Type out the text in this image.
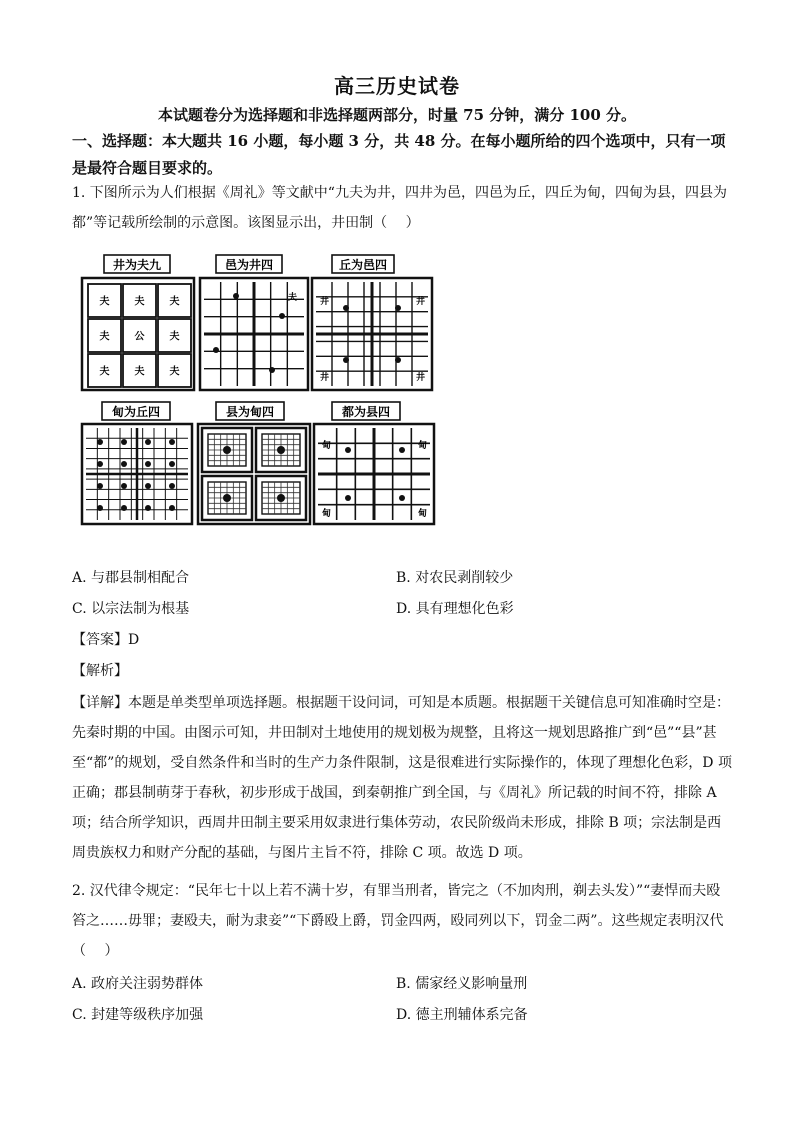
高三历史试卷
本试题卷分为选择题和非选择题两部分，时量 75 分钟，满分 100 分。
一、选择题：本大题共 16 小题，每小题 3 分，共 48 分。在每小题所给的四个选项中，只有一项是最符合题目要求的。
1. 下图所示为人们根据《周礼》等文献中“九夫为井，四井为邑，四邑为丘，四丘为甸，四甸为县，四县为都”等记载所绘制的示意图。该图显示出，井田制（　 ）
井为夫九
夫	夫	夫
夫	公	夫
夫	夫	夫
邑为井四
夫
丘为邑四
井	井
井	井
甸为丘四	县为甸四	都为县四
甸	甸
甸	甸
A. 与郡县制相配合	B. 对农民剥削较少
C. 以宗法制为根基	D. 具有理想化色彩
【答案】D
【解析】
【详解】本题是单类型单项选择题。根据题干设问词，可知是本质题。根据题干关键信息可知准确时空是：先秦时期的中国。由图示可知，井田制对土地使用的规划极为规整，且将这一规划思路推广到“邑”“县”甚至“都”的规划，受自然条件和当时的生产力条件限制，这是很难进行实际操作的，体现了理想化色彩，D 项正确；郡县制萌芽于春秋，初步形成于战国，到秦朝推广到全国，与《周礼》所记载的时间不符，排除 A 项；结合所学知识，西周井田制主要采用奴隶进行集体劳动，农民阶级尚未形成，排除 B 项；宗法制是西周贵族权力和财产分配的基础，与图片主旨不符，排除 C 项。故选 D 项。
2. 汉代律令规定：“民年七十以上若不满十岁，有罪当刑者，皆完之（不加肉刑，剃去头发）”“妻悍而夫殴笞之……毋罪；妻殴夫，耐为隶妾”“下爵殴上爵，罚金四两，殴同列以下，罚金二两”。这些规定表明汉代（　 ）
A. 政府关注弱势群体	B. 儒家经义影响量刑
C. 封建等级秩序加强	D. 德主刑辅体系完备
